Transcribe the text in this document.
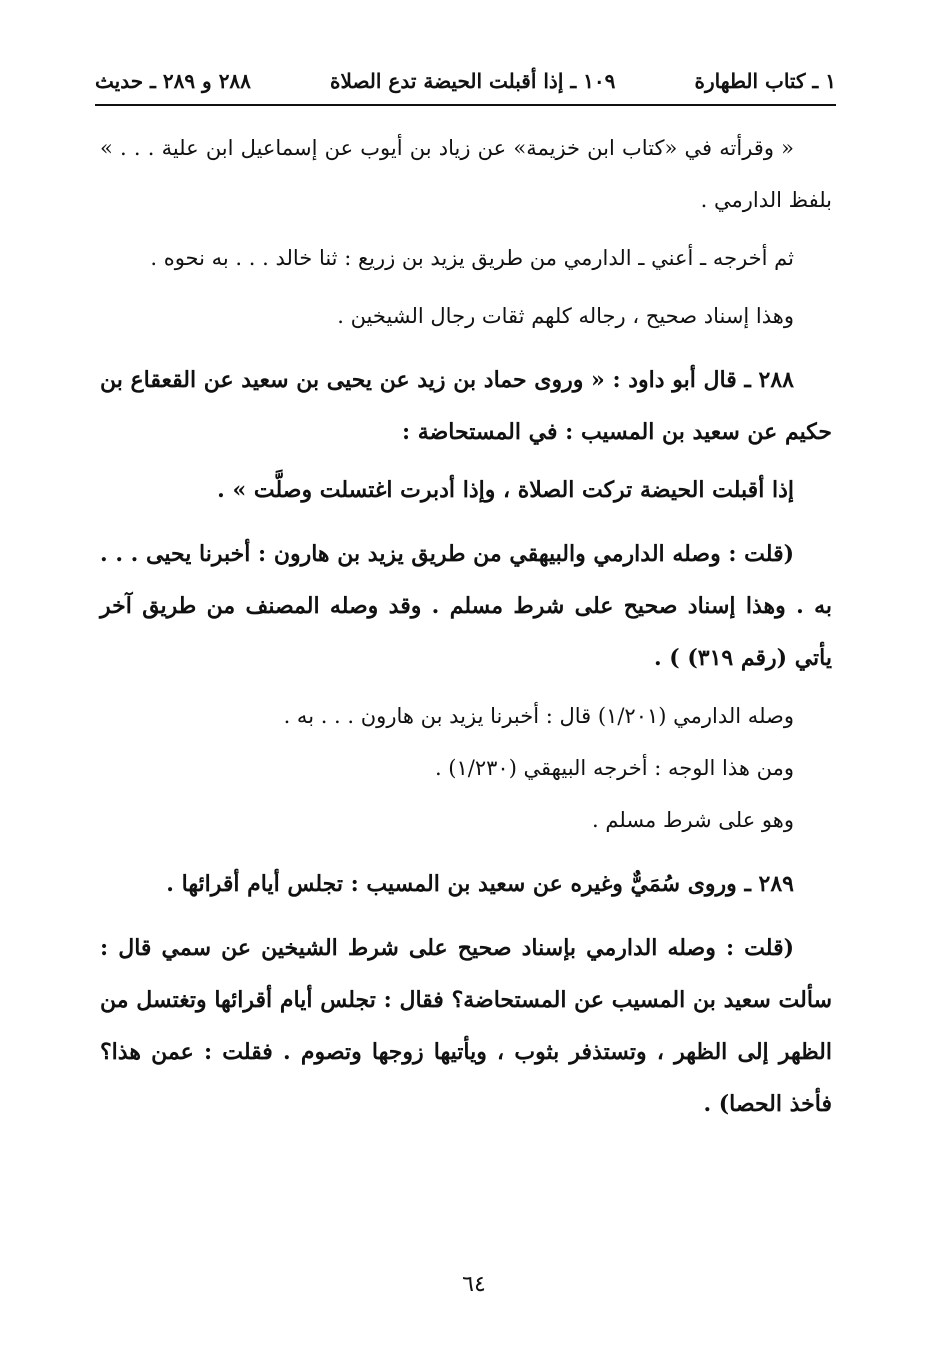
١ ـ كتاب الطهارة
١٠٩ ـ إذا أقبلت الحيضة تدع الصلاة
٢٨٨ و ٢٨٩ ـ حديث

« وقرأته في «كتاب ابن خزيمة» عن زياد بن أيوب عن إسماعيل ابن علية . . . » بلفظ الدارمي .

ثم أخرجه ـ أعني ـ الدارمي من طريق يزيد بن زريع : ثنا خالد . . . به نحوه .

وهذا إسناد صحيح ، رجاله كلهم ثقات رجال الشيخين .

٢٨٨ ـ قال أبو داود : « وروى حماد بن زيد عن يحيى بن سعيد عن القعقاع بن حكيم عن سعيد بن المسيب : في المستحاضة :

إذا أقبلت الحيضة تركت الصلاة ، وإذا أدبرت اغتسلت وصلَّت » .

(قلت : وصله الدارمي والبيهقي من طريق يزيد بن هارون : أخبرنا يحيى . . . به . وهذا إسناد صحيح على شرط مسلم . وقد وصله المصنف من طريق آخر يأتي (رقم ٣١٩) ) .

وصله الدارمي (١/٢٠١) قال : أخبرنا يزيد بن هارون . . . به .

ومن هذا الوجه : أخرجه البيهقي (١/٢٣٠) .

وهو على شرط مسلم .

٢٨٩ ـ وروى سُمَيٌّ وغيره عن سعيد بن المسيب : تجلس أيام أقرائها .

(قلت : وصله الدارمي بإسناد صحيح على شرط الشيخين عن سمي قال : سألت سعيد بن المسيب عن المستحاضة؟ فقال : تجلس أيام أقرائها وتغتسل من الظهر إلى الظهر ، وتستذفر بثوب ، ويأتيها زوجها وتصوم . فقلت : عمن هذا؟ فأخذ الحصا) .

٦٤
